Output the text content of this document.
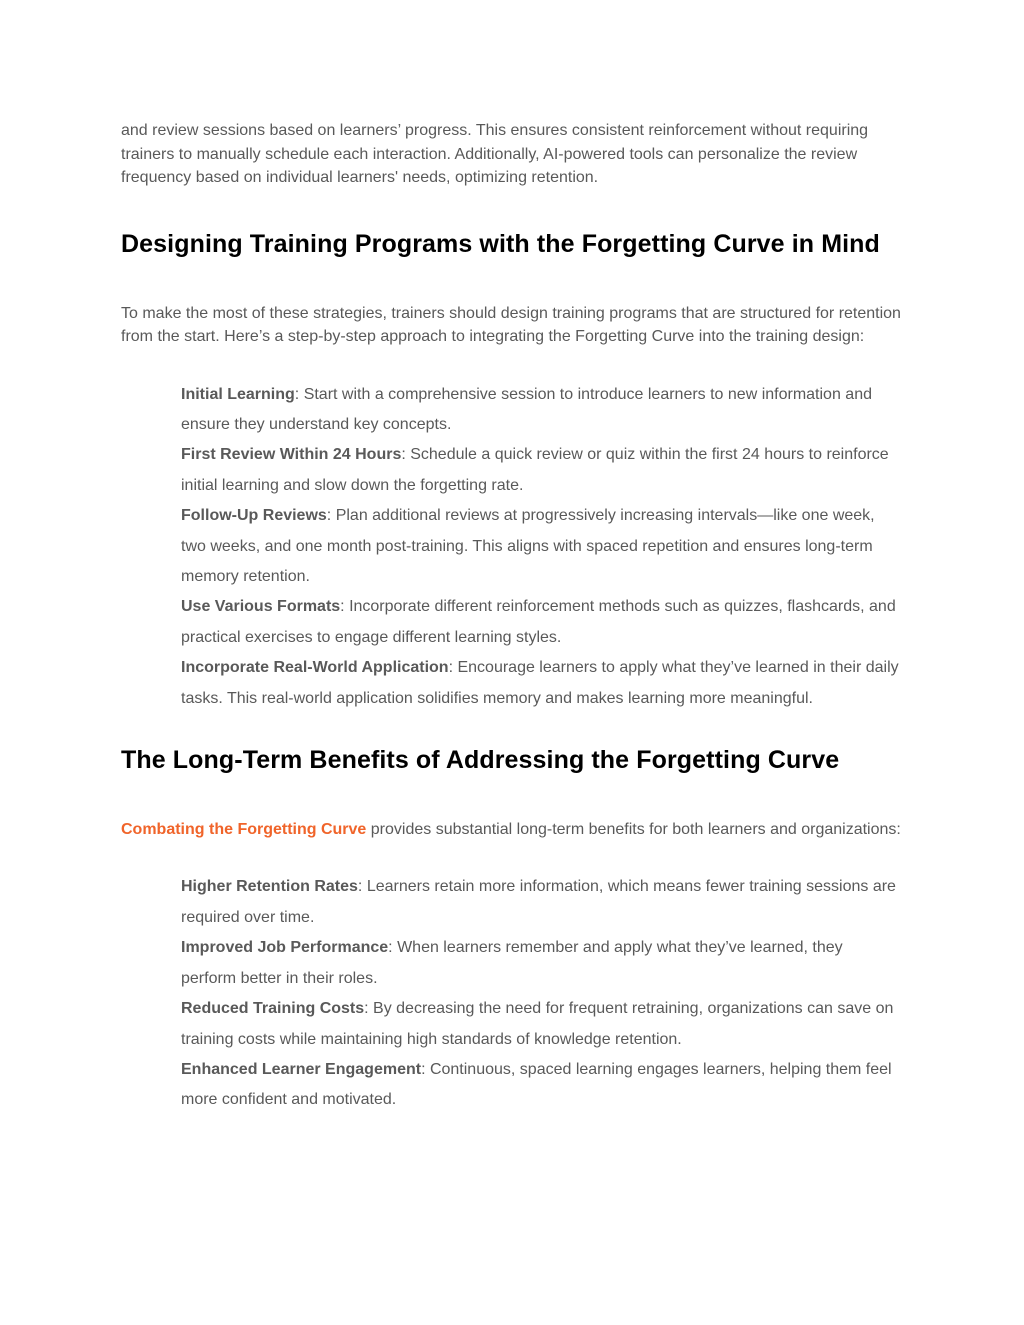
and review sessions based on learners’ progress. This ensures consistent reinforcement without requiring trainers to manually schedule each interaction. Additionally, AI-powered tools can personalize the review frequency based on individual learners' needs, optimizing retention.

Designing Training Programs with the Forgetting Curve in Mind

To make the most of these strategies, trainers should design training programs that are structured for retention from the start. Here’s a step-by-step approach to integrating the Forgetting Curve into the training design:

Initial Learning: Start with a comprehensive session to introduce learners to new information and ensure they understand key concepts.
First Review Within 24 Hours: Schedule a quick review or quiz within the first 24 hours to reinforce initial learning and slow down the forgetting rate.
Follow-Up Reviews: Plan additional reviews at progressively increasing intervals—like one week, two weeks, and one month post-training. This aligns with spaced repetition and ensures long-term memory retention.
Use Various Formats: Incorporate different reinforcement methods such as quizzes, flashcards, and practical exercises to engage different learning styles.
Incorporate Real-World Application: Encourage learners to apply what they’ve learned in their daily tasks. This real-world application solidifies memory and makes learning more meaningful.
The Long-Term Benefits of Addressing the Forgetting Curve

Combating the Forgetting Curve provides substantial long-term benefits for both learners and organizations:

Higher Retention Rates: Learners retain more information, which means fewer training sessions are required over time.
Improved Job Performance: When learners remember and apply what they’ve learned, they perform better in their roles.
Reduced Training Costs: By decreasing the need for frequent retraining, organizations can save on training costs while maintaining high standards of knowledge retention.
Enhanced Learner Engagement: Continuous, spaced learning engages learners, helping them feel more confident and motivated.
